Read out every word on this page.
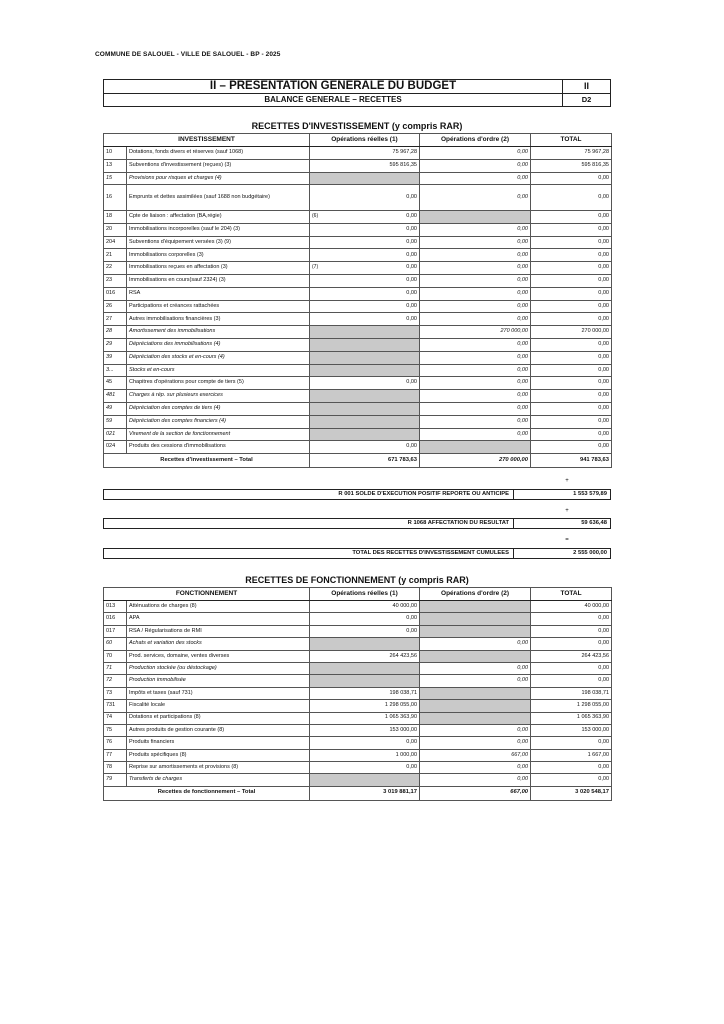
COMMUNE DE SALOUEL - VILLE DE SALOUEL - BP - 2025
II – PRESENTATION GENERALE DU BUDGET
BALANCE GENERALE – RECETTES
II
D2
RECETTES D'INVESTISSEMENT (y compris RAR)
INVESTISSEMENT		Opérations réelles (1)	Opérations d'ordre (2)	TOTAL
10	Dotations, fonds divers et réserves (sauf 1068)	75 967,28	0,00	75 967,28
13	Subventions d'investissement (reçues) (3)	595 816,35	0,00	595 816,35
15	Provisions pour risques et charges (4)		0,00	0,00
16	Emprunts et dettes assimilées (sauf 1688 non budgétaire)	0,00	0,00	0,00
18	Cpte de liaison : affectation (BA,régie)	(6) 0,00		0,00
20	Immobilisations incorporelles (sauf le 204) (3)	0,00	0,00	0,00
204	Subventions d'équipement versées (3) (9)	0,00	0,00	0,00
21	Immobilisations corporelles (3)	0,00	0,00	0,00
22	Immobilisations reçues en affectation (3)	(7) 0,00	0,00	0,00
23	Immobilisations en cours(sauf 2324) (3)	0,00	0,00	0,00
016	RSA	0,00	0,00	0,00
26	Participations et créances rattachées	0,00	0,00	0,00
27	Autres immobilisations financières (3)	0,00	0,00	0,00
28	Amortissement des immobilisations		270 000,00	270 000,00
29	Dépréciations des immobilisations (4)		0,00	0,00
39	Dépréciation des stocks et en-cours (4)		0,00	0,00
3...	Stocks et en-cours		0,00	0,00
45	Chapitres d'opérations pour compte de tiers (5)	0,00	0,00	0,00
481	Charges à rép. sur plusieurs exercices		0,00	0,00
49	Dépréciation des comptes de tiers (4)		0,00	0,00
59	Dépréciation des comptes financiers (4)		0,00	0,00
021	Virement de la section de fonctionnement		0,00	0,00
024	Produits des cessions d'immobilisations	0,00		0,00
Recettes d'investissement – Total		671 783,63	270 000,00	941 783,63
+
R 001 SOLDE D'EXECUTION POSITIF REPORTE OU ANTICIPE	1 553 579,89
+
R 1068 AFFECTATION DU RESULTAT	59 636,48
=
TOTAL DES RECETTES D'INVESTISSEMENT CUMULEES	2 555 000,00
RECETTES DE FONCTIONNEMENT (y compris RAR)
FONCTIONNEMENT		Opérations réelles (1)	Opérations d'ordre (2)	TOTAL
013	Atténuations de charges (8)	40 000,00		40 000,00
016	APA	0,00		0,00
017	RSA / Régularisations de RMI	0,00		0,00
60	Achats et variation des stocks		0,00	0,00
70	Prod. services, domaine, ventes diverses	264 423,56		264 423,56
71	Production stockée (ou déstockage)		0,00	0,00
72	Production immobilisée		0,00	0,00
73	Impôts et taxes (sauf 731)	198 038,71		198 038,71
731	Fiscalité locale	1 298 055,00		1 298 055,00
74	Dotations et participations (8)	1 065 363,90		1 065 363,90
75	Autres produits de gestion courante (8)	153 000,00	0,00	153 000,00
76	Produits financiers	0,00	0,00	0,00
77	Produits spécifiques (8)	1 000,00	667,00	1 667,00
78	Reprise sur amortissements et provisions (8)	0,00	0,00	0,00
79	Transferts de charges		0,00	0,00
Recettes de fonctionnement – Total		3 019 881,17	667,00	3 020 548,17
